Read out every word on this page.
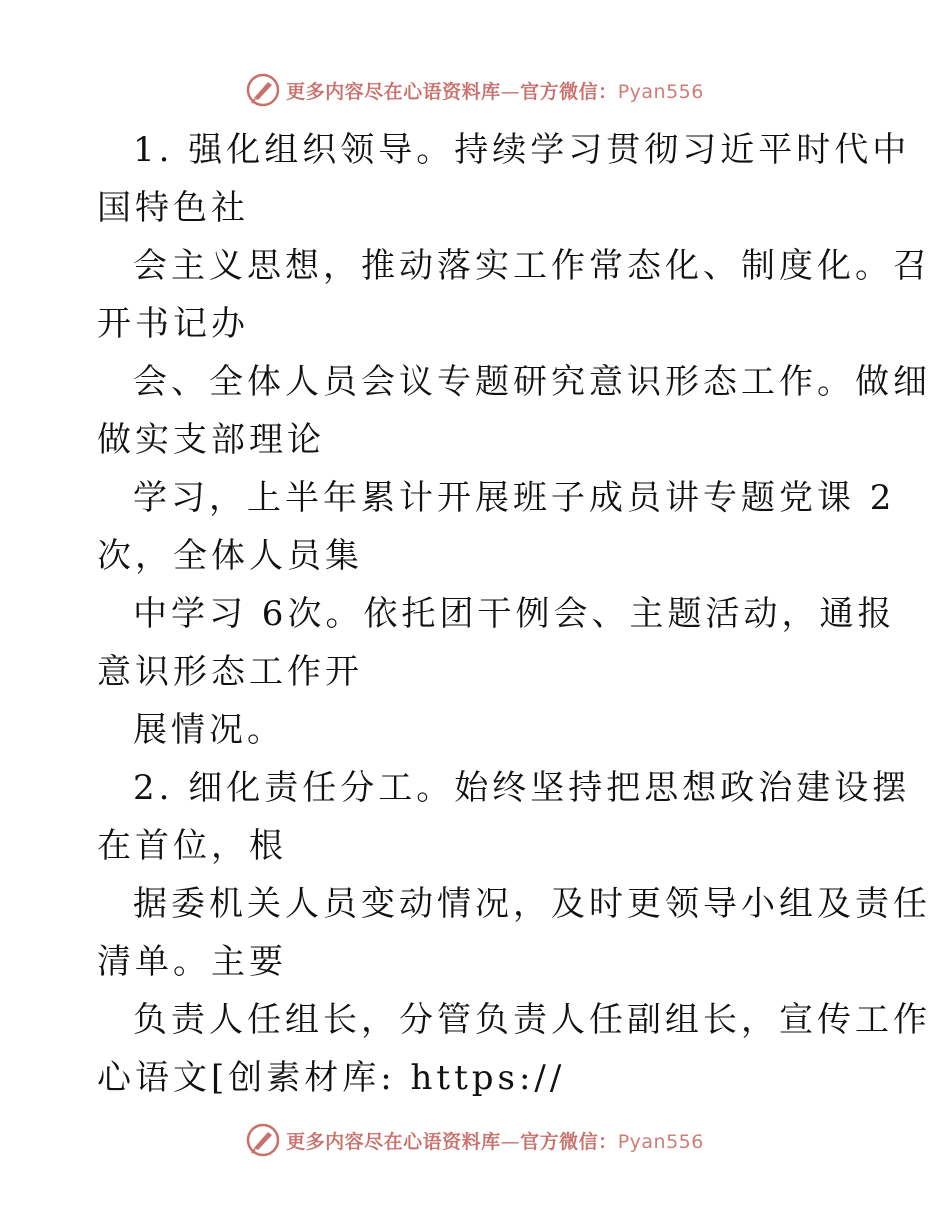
更多内容尽在心语资料库—官方微信：Pyan556
1. 强化组织领导。持续学习贯彻习近平时代中
国特色社
会主义思想，推动落实工作常态化、制度化。召
开书记办
会、全体人员会议专题研究意识形态工作。做细
做实支部理论
学习，上半年累计开展班子成员讲专题党课 2
次，全体人员集
中学习 6次。依托团干例会、主题活动，通报
意识形态工作开
展情况。
2. 细化责任分工。始终坚持把思想政治建设摆
在首位，根
据委机关人员变动情况，及时更领导小组及责任
清单。主要
负责人任组长，分管负责人任副组长，宣传工作
心语文[创素材库: https://
更多内容尽在心语资料库—官方微信：Pyan556
